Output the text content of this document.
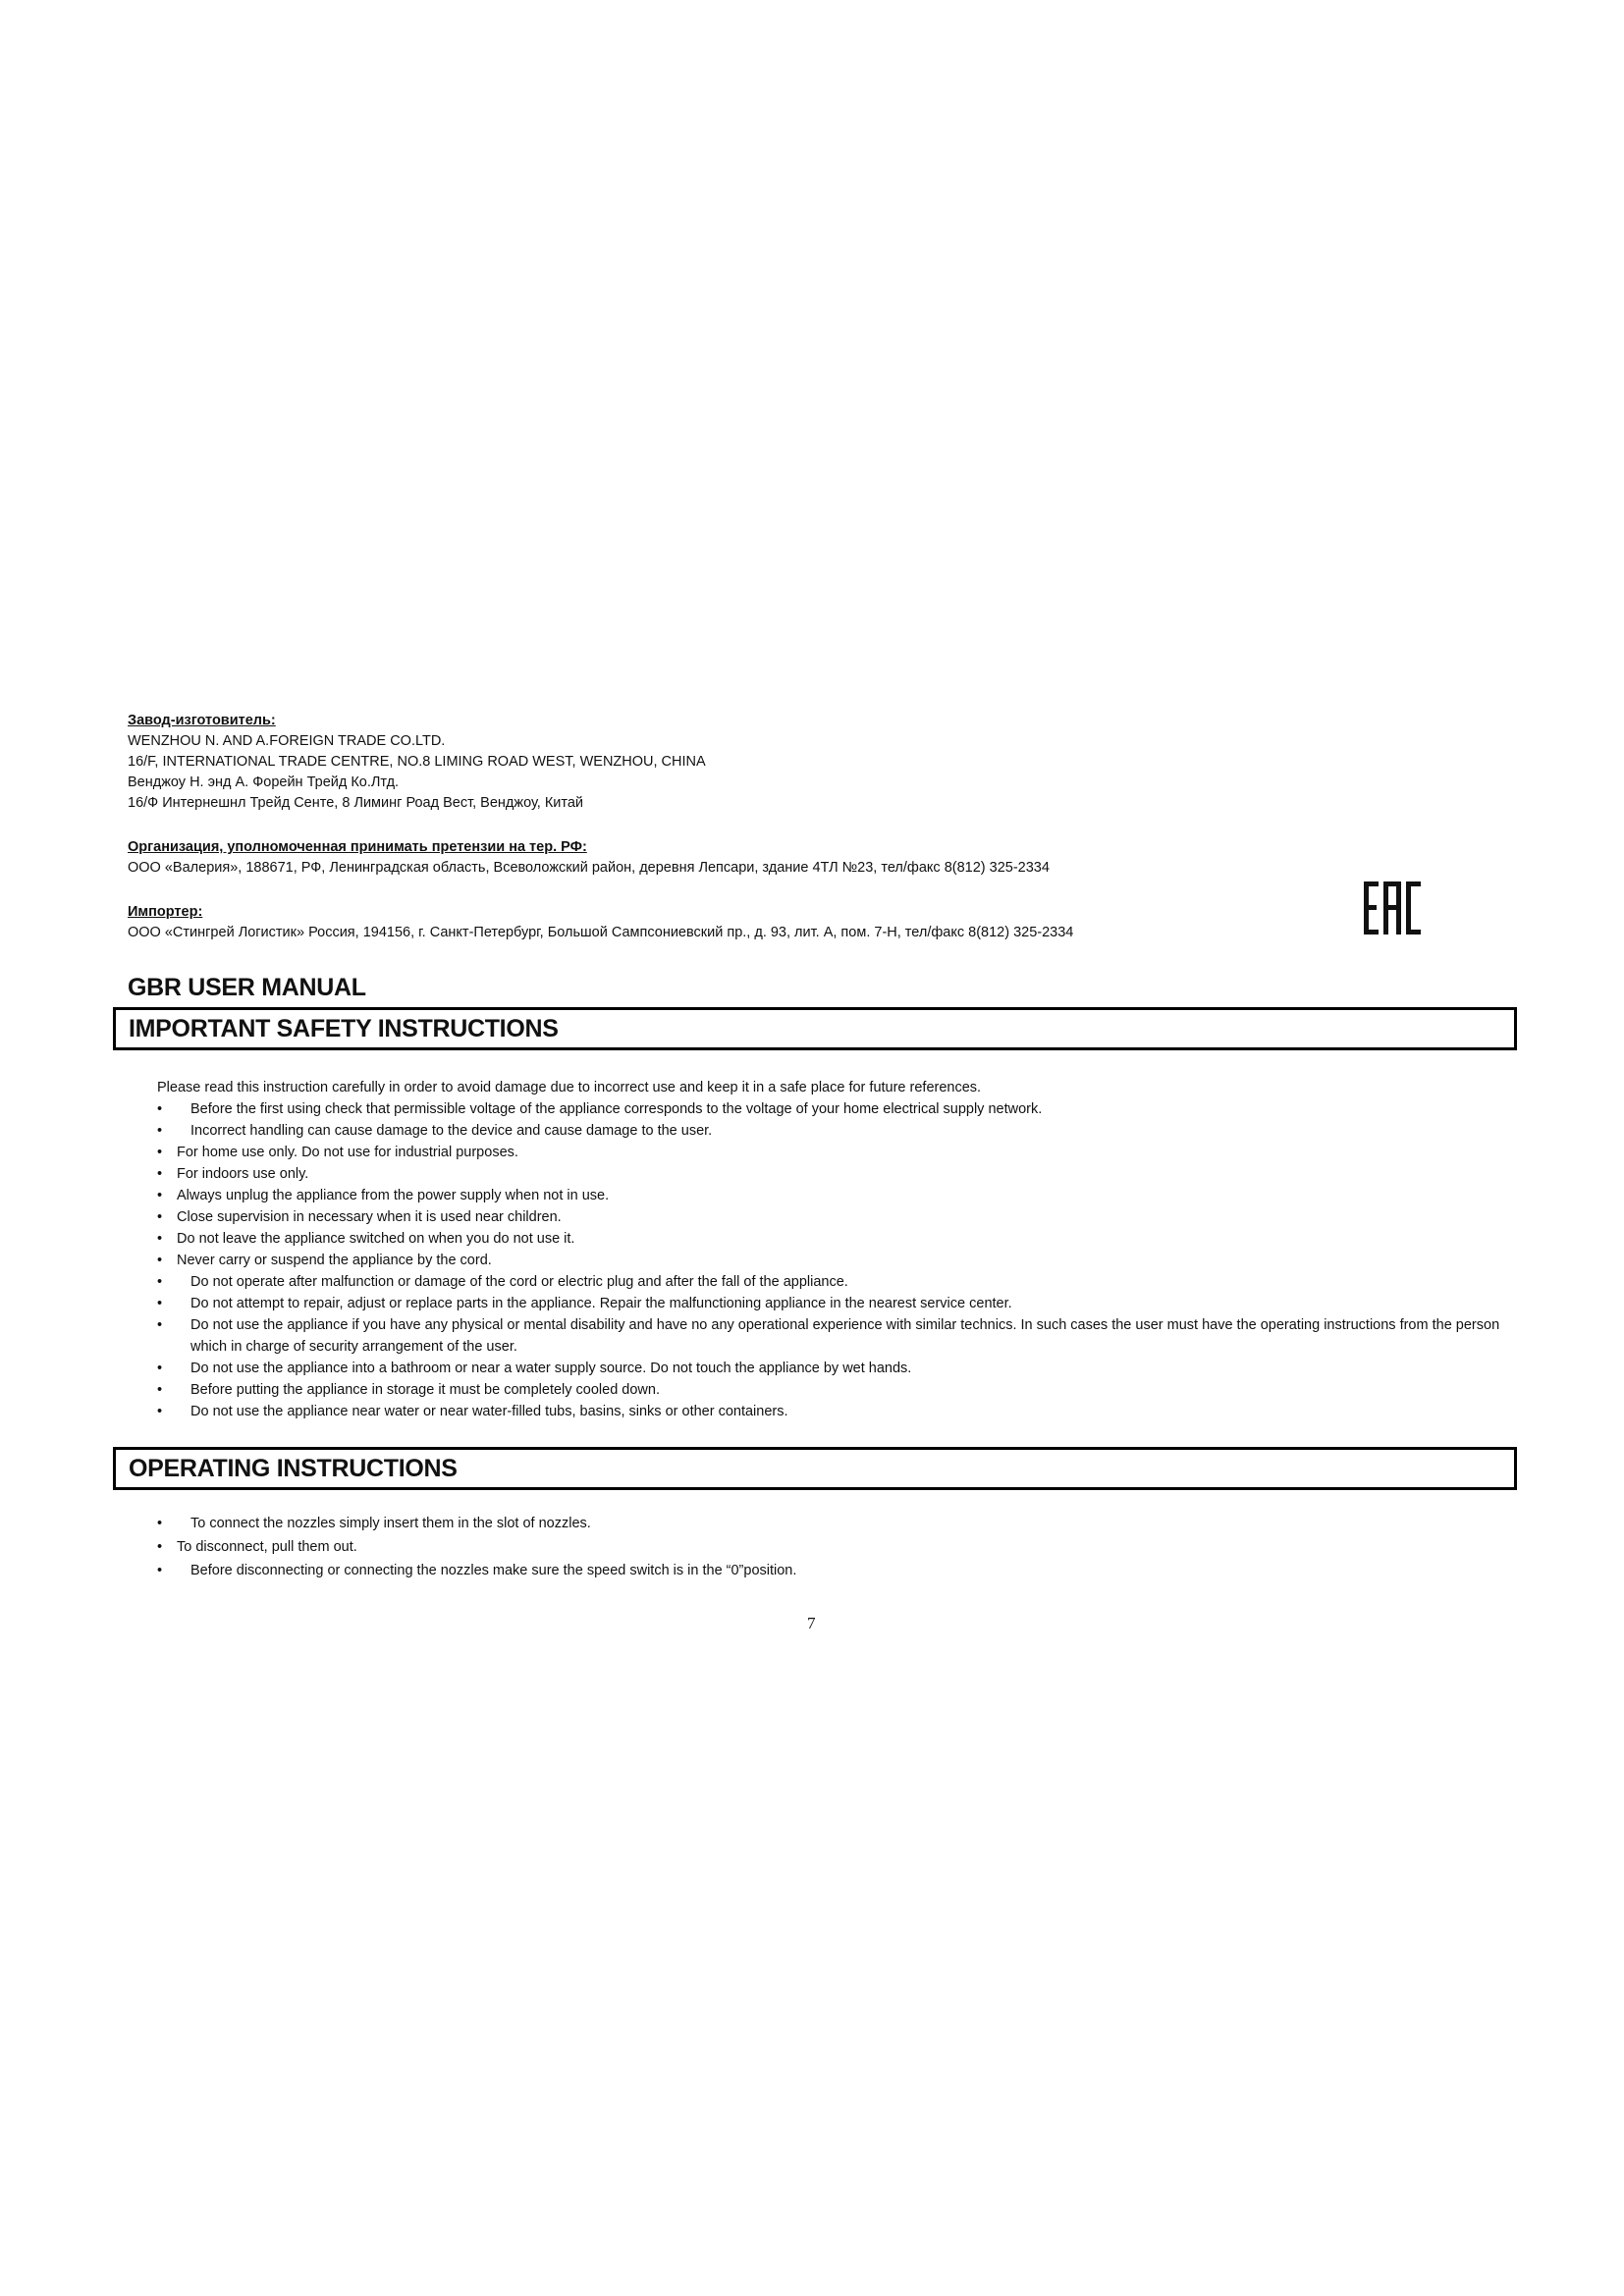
Завод-изготовитель:
WENZHOU N. AND A.FOREIGN TRADE CO.LTD.
16/F, INTERNATIONAL TRADE CENTRE, NO.8 LIMING ROAD WEST, WENZHOU, CHINA
Венджоу Н. энд А. Форейн Трейд Ко.Лтд.
16/Ф Интернешнл Трейд Сенте, 8 Лиминг Роад Вест, Венджоу, Китай
Организация, уполномоченная принимать претензии на тер. РФ:
ООО «Валерия», 188671, РФ, Ленинградская область, Всеволожский район, деревня Лепсари, здание 4ТЛ №23, тел/факс 8(812) 325-2334
Импортер:
ООО «Стингрей Логистик» Россия, 194156, г. Санкт-Петербург, Большой Сампсониевский пр., д. 93, лит. А, пом. 7-Н, тел/факс 8(812) 325-2334
GBR USER MANUAL
IMPORTANT SAFETY INSTRUCTIONS
Please read this instruction carefully in order to avoid damage due to incorrect use and keep it in a safe place for future references.
• Before the first using check that permissible voltage of the appliance corresponds to the voltage of your home electrical supply network.
• Incorrect handling can cause damage to the device and cause damage to the user.
• For home use only. Do not use for industrial purposes.
• For indoors use only.
• Always unplug the appliance from the power supply when not in use.
• Close supervision in necessary when it is used near children.
• Do not leave the appliance switched on when you do not use it.
• Never carry or suspend the appliance by the cord.
• Do not operate after malfunction or damage of the cord or electric plug and after the fall of the appliance.
• Do not attempt to repair, adjust or replace parts in the appliance. Repair the malfunctioning appliance in the nearest service center.
• Do not use the appliance if you have any physical or mental disability and have no any operational experience with similar technics. In such cases the user must have the operating instructions from the person which in charge of security arrangement of the user.
• Do not use the appliance into a bathroom or near a water supply source. Do not touch the appliance by wet hands.
• Before putting the appliance in storage it must be completely cooled down.
• Do not use the appliance near water or near water-filled tubs, basins, sinks or other containers.
OPERATING INSTRUCTIONS
• To connect the nozzles simply insert them in the slot of nozzles.
• To disconnect, pull them out.
• Before disconnecting or connecting the nozzles make sure the speed switch is in the “0”position.
7
